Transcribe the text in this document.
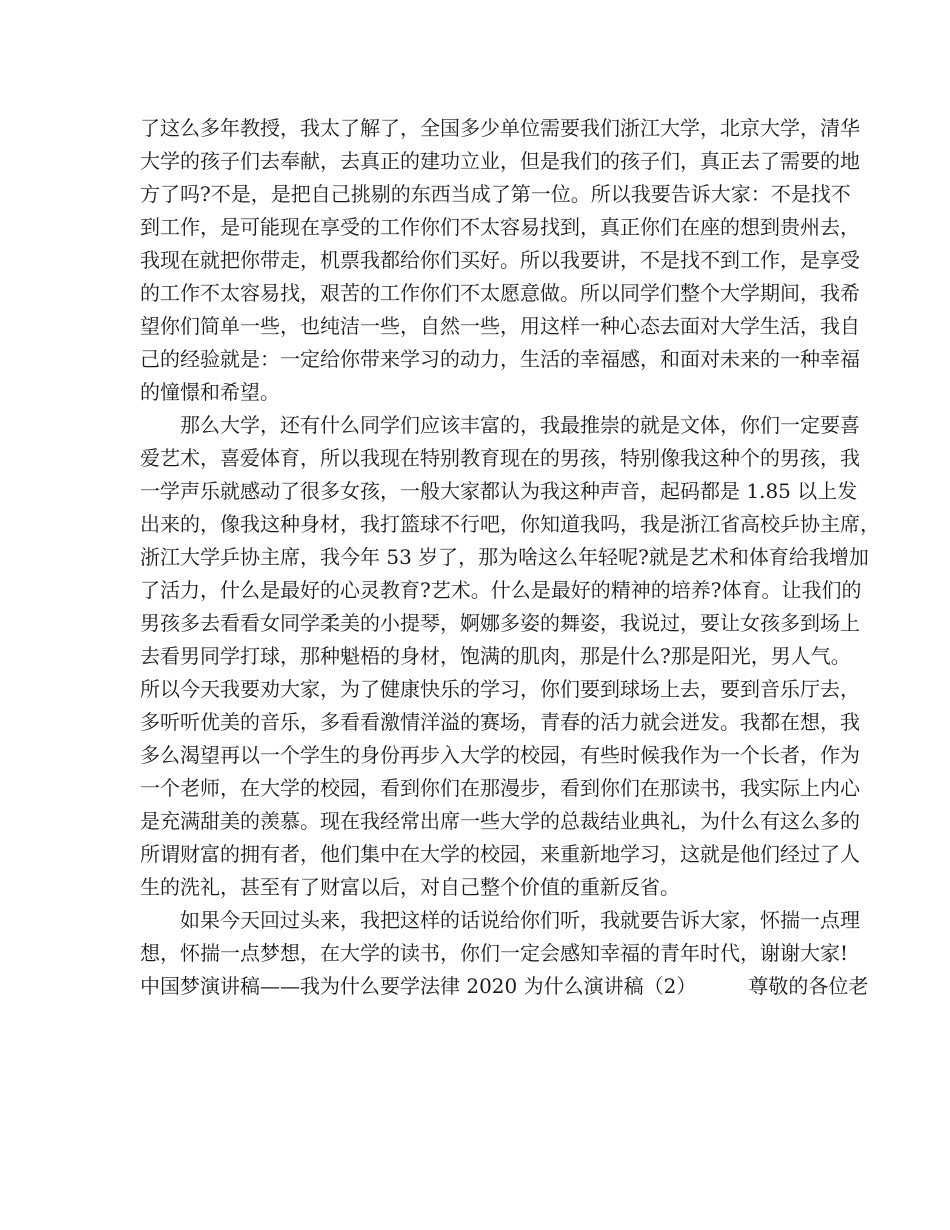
了这么多年教授，我太了解了，全国多少单位需要我们浙江大学，北京大学，清华
大学的孩子们去奉献，去真正的建功立业，但是我们的孩子们，真正去了需要的地
方了吗?不是，是把自己挑剔的东西当成了第一位。所以我要告诉大家：不是找不
到工作，是可能现在享受的工作你们不太容易找到，真正你们在座的想到贵州去，
我现在就把你带走，机票我都给你们买好。所以我要讲，不是找不到工作，是享受
的工作不太容易找，艰苦的工作你们不太愿意做。所以同学们整个大学期间，我希
望你们简单一些，也纯洁一些，自然一些，用这样一种心态去面对大学生活，我自
己的经验就是：一定给你带来学习的动力，生活的幸福感，和面对未来的一种幸福
的憧憬和希望。
那么大学，还有什么同学们应该丰富的，我最推崇的就是文体，你们一定要喜
爱艺术，喜爱体育，所以我现在特别教育现在的男孩，特别像我这种个的男孩，我
一学声乐就感动了很多女孩，一般大家都认为我这种声音，起码都是 1.85 以上发
出来的，像我这种身材，我打篮球不行吧，你知道我吗，我是浙江省高校乒协主席，
浙江大学乒协主席，我今年 53 岁了，那为啥这么年轻呢?就是艺术和体育给我增加
了活力，什么是最好的心灵教育?艺术。什么是最好的精神的培养?体育。让我们的
男孩多去看看女同学柔美的小提琴，婀娜多姿的舞姿，我说过，要让女孩多到场上
去看男同学打球，那种魁梧的身材，饱满的肌肉，那是什么?那是阳光，男人气。
所以今天我要劝大家，为了健康快乐的学习，你们要到球场上去，要到音乐厅去，
多听听优美的音乐，多看看激情洋溢的赛场，青春的活力就会迸发。我都在想，我
多么渴望再以一个学生的身份再步入大学的校园，有些时候我作为一个长者，作为
一个老师，在大学的校园，看到你们在那漫步，看到你们在那读书，我实际上内心
是充满甜美的羡慕。现在我经常出席一些大学的总裁结业典礼，为什么有这么多的
所谓财富的拥有者，他们集中在大学的校园，来重新地学习，这就是他们经过了人
生的洗礼，甚至有了财富以后，对自己整个价值的重新反省。
如果今天回过头来，我把这样的话说给你们听，我就要告诉大家，怀揣一点理
想，怀揣一点梦想，在大学的读书，你们一定会感知幸福的青年时代，谢谢大家!
中国梦演讲稿——我为什么要学法律 2020 为什么演讲稿（2）	尊敬的各位老
